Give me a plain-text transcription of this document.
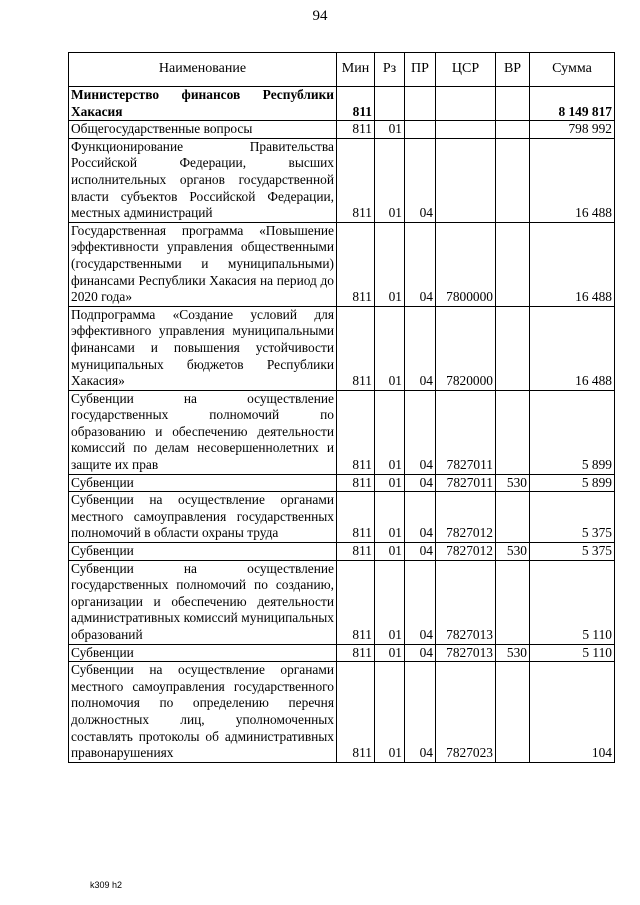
94
Наименование	Мин	Рз	ПР	ЦСР	ВР	Сумма
Министерство финансов Республики Хакасия	811					8 149 817
Общегосударственные вопросы	811	01				798 992
Функционирование Правительства Российской Федерации, высших исполнительных органов государственной власти субъектов Российской Федерации, местных администраций	811	01	04			16 488
Государственная программа «Повышение эффективности управления общественными (государственными и муниципальными) финансами Республики Хакасия на период до 2020 года»	811	01	04	7800000		16 488
Подпрограмма «Создание условий для эффективного управления муниципальными финансами и повышения устойчивости муниципальных бюджетов Республики Хакасия»	811	01	04	7820000		16 488
Субвенции на осуществление государственных полномочий по образованию и обеспечению деятельности комиссий по делам несовершеннолетних и защите их прав	811	01	04	7827011		5 899
Субвенции	811	01	04	7827011	530	5 899
Субвенции на осуществление органами местного самоуправления государственных полномочий в области охраны труда	811	01	04	7827012		5 375
Субвенции	811	01	04	7827012	530	5 375
Субвенции на осуществление государственных полномочий по созданию, организации и обеспечению деятельности административных комиссий муниципальных образований	811	01	04	7827013		5 110
Субвенции	811	01	04	7827013	530	5 110
Субвенции на осуществление органами местного самоуправления государственного полномочия по определению перечня должностных лиц, уполномоченных составлять протоколы об административных правонарушениях	811	01	04	7827023		104
k309 h2
